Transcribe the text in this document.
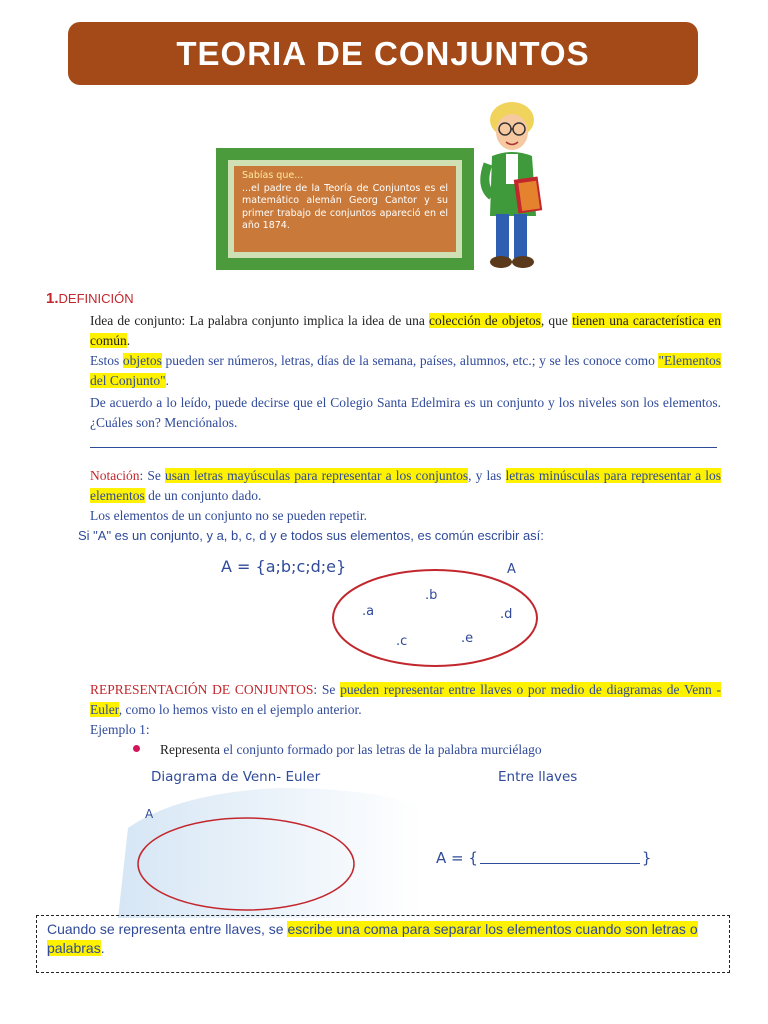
TEORIA DE CONJUNTOS
Sabías que...
...el padre de la Teoría de Conjuntos es el matemático alemán Georg Cantor y su primer trabajo de conjuntos apareció en el año 1874.
1.DEFINICIÓN
Idea de conjunto: La palabra conjunto implica la idea de una colección de objetos, que tienen una característica en común.
Estos objetos pueden ser números, letras, días de la semana, países, alumnos, etc.; y se les conoce como "Elementos del Conjunto".
De acuerdo a lo leído, puede decirse que el Colegio Santa Edelmira es un conjunto y los niveles son los elementos. ¿Cuáles son? Menciónalos.
Notación: Se usan letras mayúsculas para representar a los conjuntos, y las letras minúsculas para representar a los elementos de un conjunto dado.
Los elementos de un conjunto no se pueden repetir.
Si "A" es un conjunto, y a, b, c, d y e todos sus elementos, es común escribir así:
A = {a;b;c;d;e}	A
.b
.a	.d
.c	.e
REPRESENTACIÓN DE CONJUNTOS: Se pueden representar entre llaves o por medio de diagramas de Venn - Euler, como lo hemos visto en el ejemplo anterior.
Ejemplo 1:
Representa el conjunto formado por las letras de la palabra murciélago
Diagrama de Venn- Euler	Entre llaves
A
A = {	}
Cuando se representa entre llaves, se escribe una coma para separar los elementos cuando son letras o palabras.
